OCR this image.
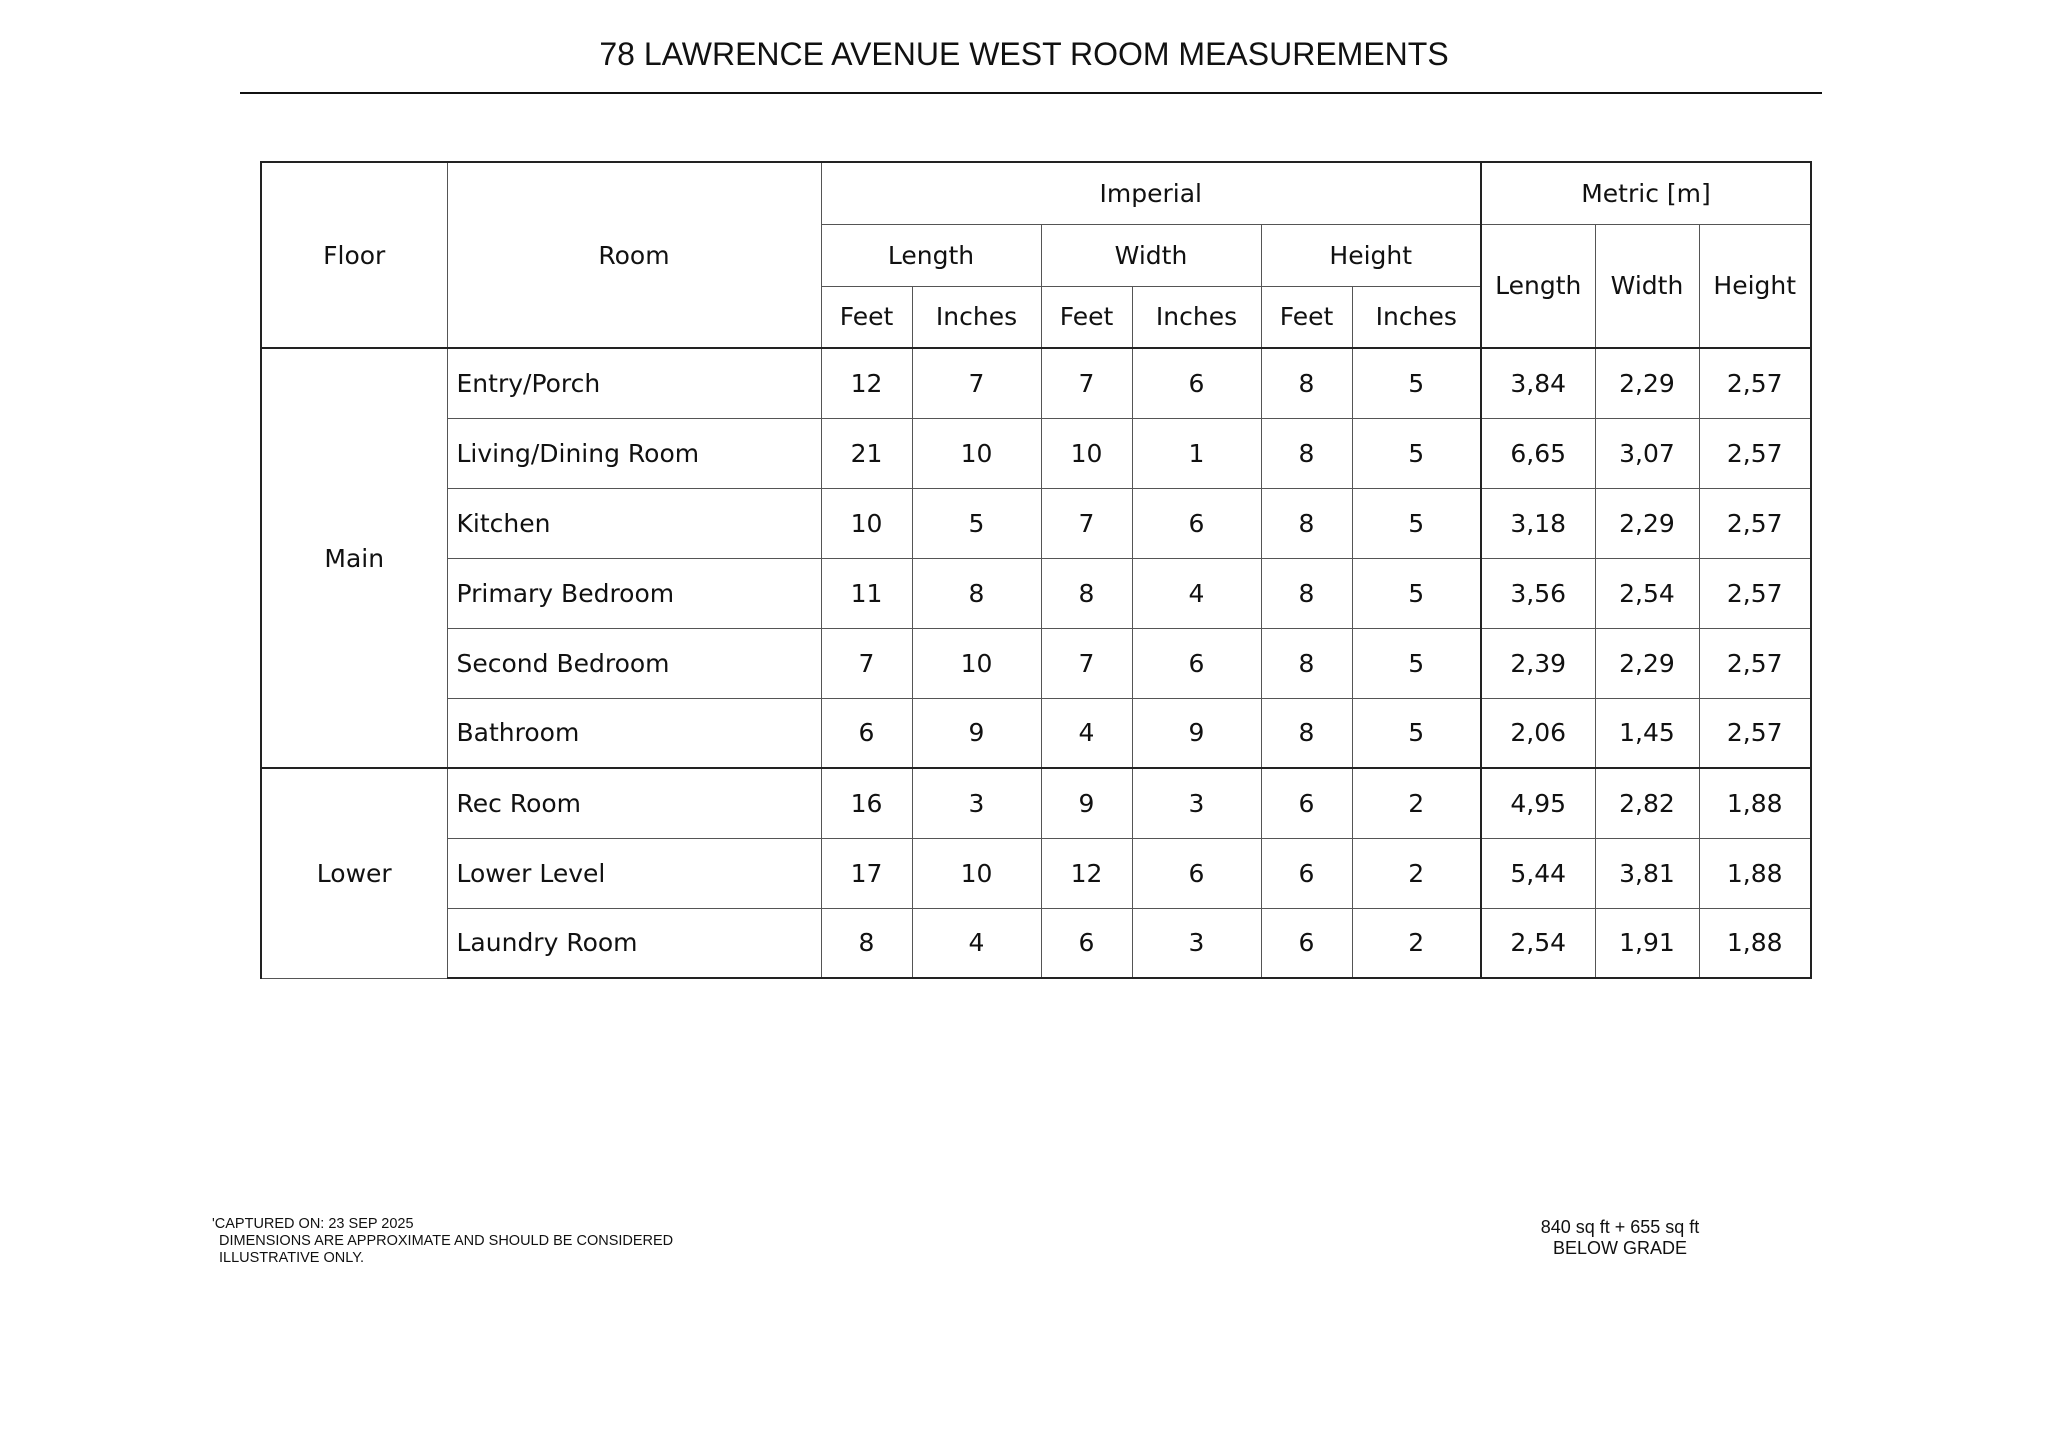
78 LAWRENCE AVENUE WEST ROOM MEASUREMENTS
Floor	Room	Imperial						Metric [m]		
		Length		Width		Height		Length	Width	Height
		Feet	Inches	Feet	Inches	Feet	Inches			
Main	Entry/Porch	12	7	7	6	8	5	3,84	2,29	2,57
	Living/Dining Room	21	10	10	1	8	5	6,65	3,07	2,57
	Kitchen	10	5	7	6	8	5	3,18	2,29	2,57
	Primary Bedroom	11	8	8	4	8	5	3,56	2,54	2,57
	Second Bedroom	7	10	7	6	8	5	2,39	2,29	2,57
	Bathroom	6	9	4	9	8	5	2,06	1,45	2,57
Lower	Rec Room	16	3	9	3	6	2	4,95	2,82	1,88
	Lower Level	17	10	12	6	6	2	5,44	3,81	1,88
	Laundry Room	8	4	6	3	6	2	2,54	1,91	1,88
'CAPTURED ON: 23 SEP 2025
DIMENSIONS ARE APPROXIMATE AND SHOULD BE CONSIDERED
ILLUSTRATIVE ONLY.
840 sq ft + 655 sq ft
BELOW GRADE
